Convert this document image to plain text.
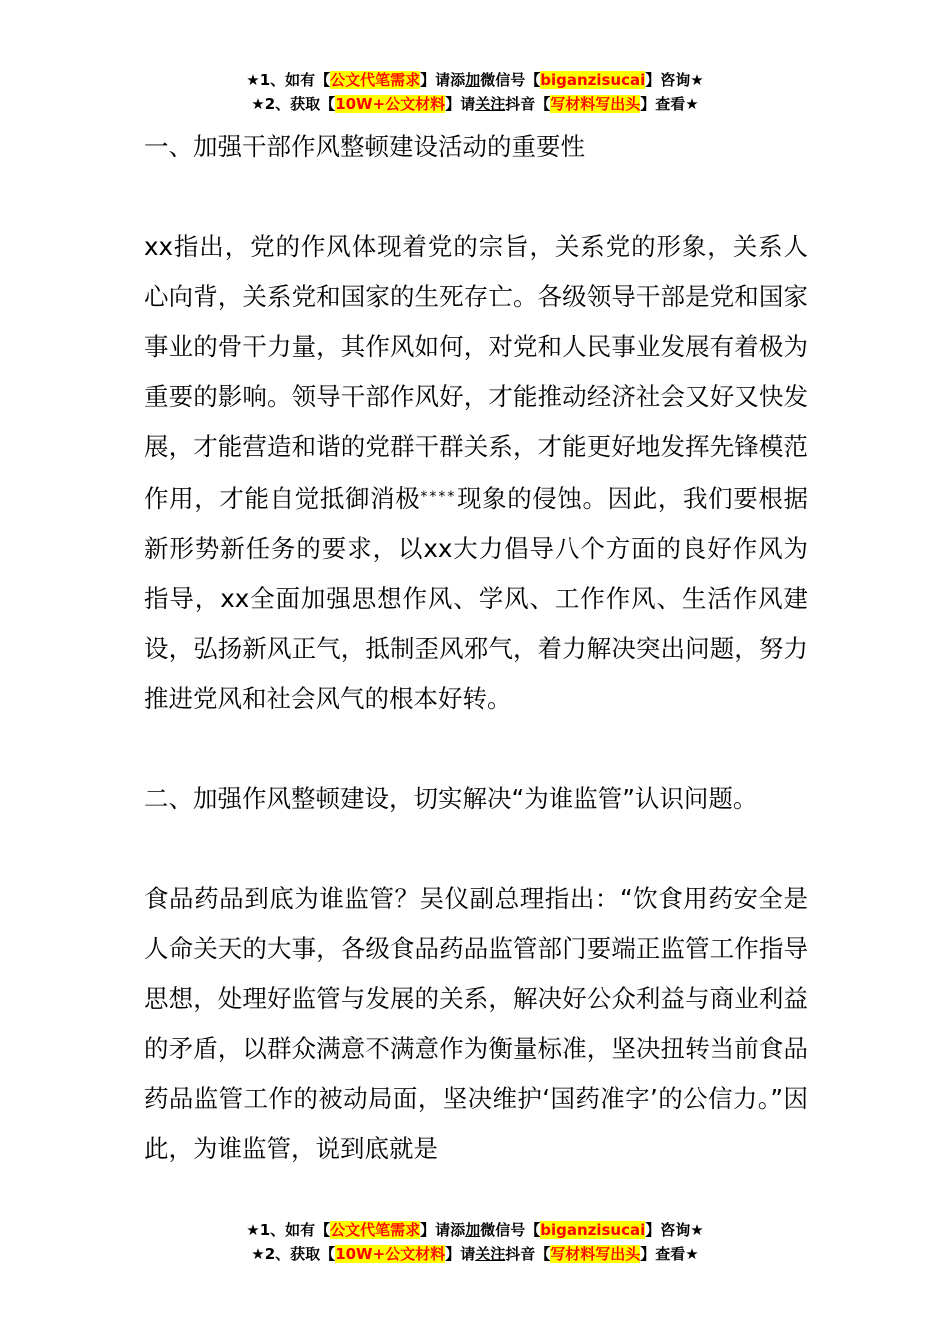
★1、如有【公文代笔需求】请添加微信号【biganzisucai】咨询★
★2、获取【10W+公文材料】请关注抖音【写材料写出头】查看★

一、加强干部作风整顿建设活动的重要性

xx指出，党的作风体现着党的宗旨，关系党的形象，关系人心向背，关系党和国家的生死存亡。各级领导干部是党和国家事业的骨干力量，其作风如何，对党和人民事业发展有着极为重要的影响。领导干部作风好，才能推动经济社会又好又快发展，才能营造和谐的党群干群关系，才能更好地发挥先锋模范作用，才能自觉抵御消极****现象的侵蚀。因此，我们要根据新形势新任务的要求，以xx大力倡导八个方面的良好作风为指导，xx全面加强思想作风、学风、工作作风、生活作风建设，弘扬新风正气，抵制歪风邪气，着力解决突出问题，努力推进党风和社会风气的根本好转。

二、加强作风整顿建设，切实解决“为谁监管”认识问题。

食品药品到底为谁监管？吴仪副总理指出：“饮食用药安全是人命关天的大事，各级食品药品监管部门要端正监管工作指导思想，处理好监管与发展的关系，解决好公众利益与商业利益的矛盾，以群众满意不满意作为衡量标准，坚决扭转当前食品药品监管工作的被动局面，坚决维护‘国药准字’的公信力。”因此，为谁监管，说到底就是

★1、如有【公文代笔需求】请添加微信号【biganzisucai】咨询★
★2、获取【10W+公文材料】请关注抖音【写材料写出头】查看★
